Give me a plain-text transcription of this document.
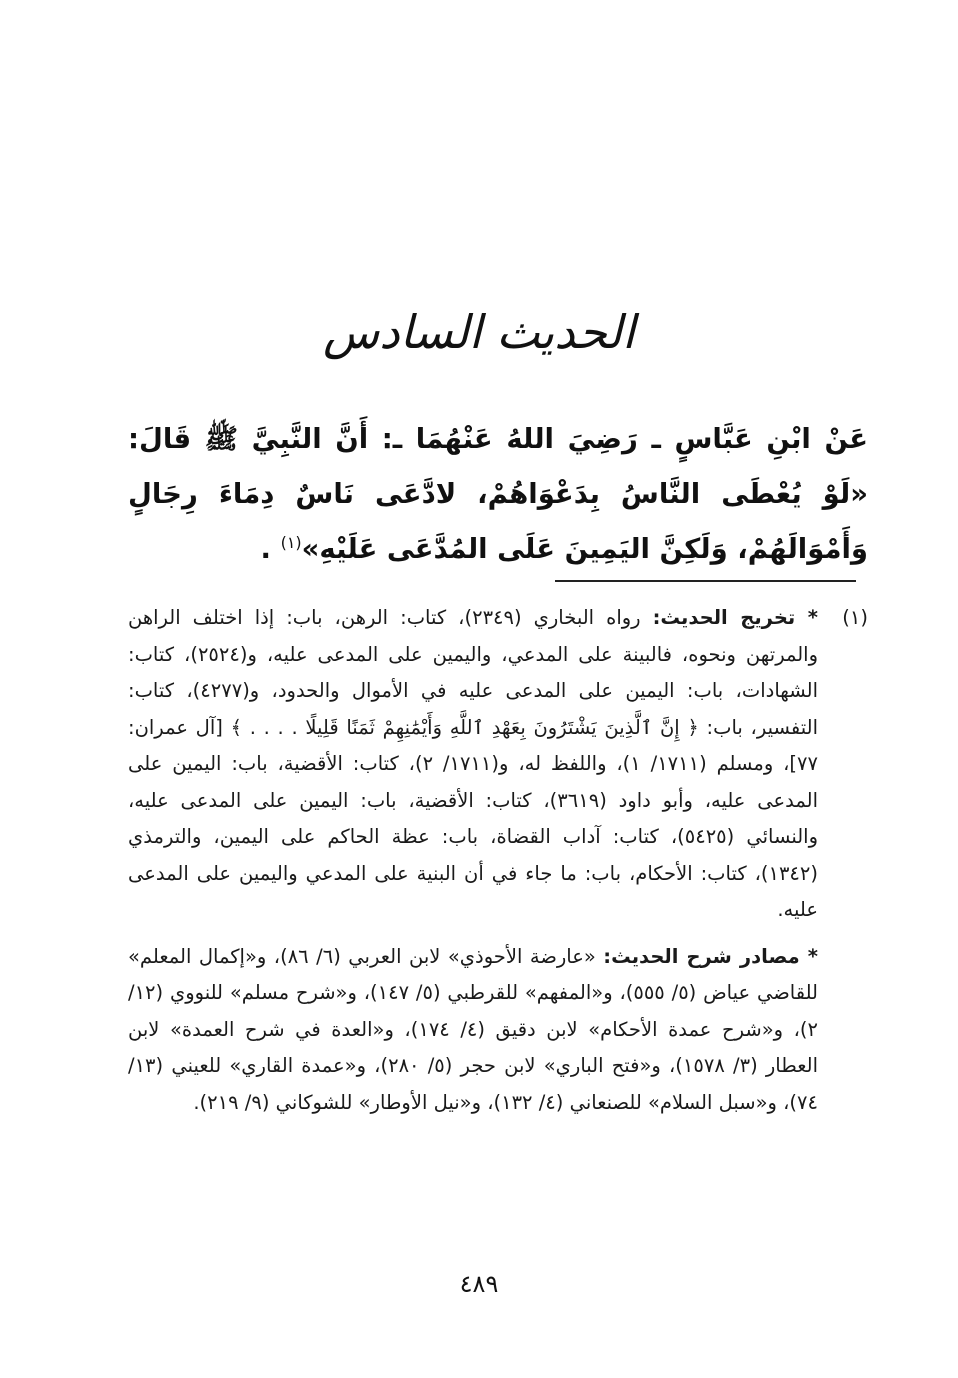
الحديث السادس
عَنْ ابْنِ عَبَّاسٍ ـ رَضِيَ اللهُ عَنْهُمَا ـ: أَنَّ النَّبِيَّ ﷺ قَالَ: «لَوْ يُعْطَى النَّاسُ بِدَعْوَاهُمْ، لادَّعَى نَاسٌ دِمَاءَ رِجَالٍ وَأَمْوَالَهُمْ، وَلَكِنَّ اليَمِينَ عَلَى المُدَّعَى عَلَيْهِ»$^{(١)}$ .
(١)
* تخريج الحديث: رواه البخاري (٢٣٤٩)، كتاب: الرهن، باب: إذا اختلف الراهن والمرتهن ونحوه، فالبينة على المدعي، واليمين على المدعى عليه، و(٢٥٢٤)، كتاب: الشهادات، باب: اليمين على المدعى عليه في الأموال والحدود، و(٤٢٧٧)، كتاب: التفسير، باب: ﴿ إِنَّ ٱلَّذِينَ يَشْتَرُونَ بِعَهْدِ ٱللَّهِ وَأَيْمَٰنِهِمْ ثَمَنًا قَلِيلًا . . . . ﴾ [آل عمران: ٧٧]، ومسلم (١٧١١/ ١)، واللفظ له، و(١٧١١/ ٢)، كتاب: الأقضية، باب: اليمين على المدعى عليه، وأبو داود (٣٦١٩)، كتاب: الأقضية، باب: اليمين على المدعى عليه، والنسائي (٥٤٢٥)، كتاب: آداب القضاة، باب: عظة الحاكم على اليمين، والترمذي (١٣٤٢)، كتاب: الأحكام، باب: ما جاء في أن البنية على المدعي واليمين على المدعى عليه.
* مصادر شرح الحديث: «عارضة الأحوذي» لابن العربي (٦/ ٨٦)، و«إكمال المعلم» للقاضي عياض (٥/ ٥٥٥)، و«المفهم» للقرطبي (٥/ ١٤٧)، و«شرح مسلم» للنووي (١٢/ ٢)، و«شرح عمدة الأحكام» لابن دقيق (٤/ ١٧٤)، و«العدة في شرح العمدة» لابن العطار (٣/ ١٥٧٨)، و«فتح الباري» لابن حجر (٥/ ٢٨٠)، و«عمدة القاري» للعيني (١٣/ ٧٤)، و«سبل السلام» للصنعاني (٤/ ١٣٢)، و«نيل الأوطار» للشوكاني (٩/ ٢١٩).
٤٨٩
